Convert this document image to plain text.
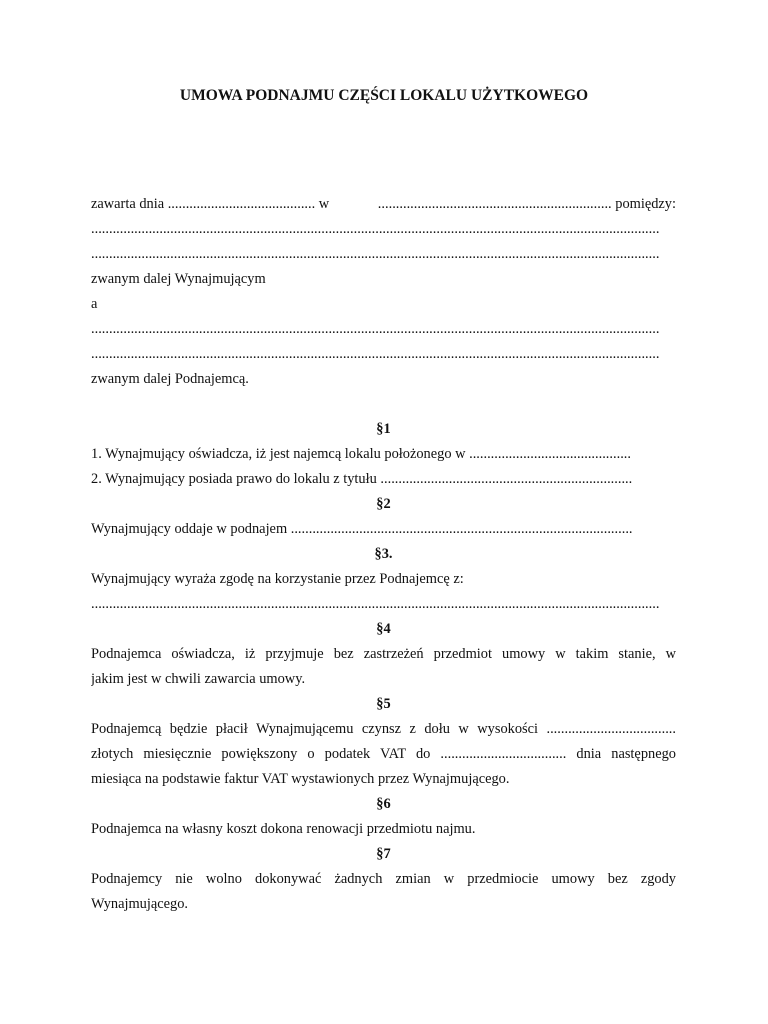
UMOWA PODNAJMU CZĘŚCI LOKALU UŻYTKOWEGO
zawarta dnia ......................................... w	................................................................. pomiędzy:
..............................................................................................................................................................
..............................................................................................................................................................
zwanym dalej Wynajmującym
a
..............................................................................................................................................................
..............................................................................................................................................................
zwanym dalej Podnajemcą.
§1
1. Wynajmujący oświadcza, iż jest najemcą lokalu położonego w .............................................
2. Wynajmujący posiada prawo do lokalu z tytułu ......................................................................
§2
Wynajmujący oddaje w podnajem ...............................................................................................
§3.
Wynajmujący wyraża zgodę na korzystanie przez Podnajemcę z:
..............................................................................................................................................................
§4
Podnajemca oświadcza, iż przyjmuje bez zastrzeżeń przedmiot umowy w takim stanie, w
jakim jest w chwili zawarcia umowy.
§5
Podnajemcą będzie płacił Wynajmującemu czynsz z dołu w wysokości ....................................
złotych miesięcznie powiększony o podatek VAT do ................................... dnia następnego
miesiąca na podstawie faktur VAT wystawionych przez Wynajmującego.
§6
Podnajemca na własny koszt dokona renowacji przedmiotu najmu.
§7
Podnajemcy nie wolno dokonywać żadnych zmian w przedmiocie umowy bez zgody
Wynajmującego.
